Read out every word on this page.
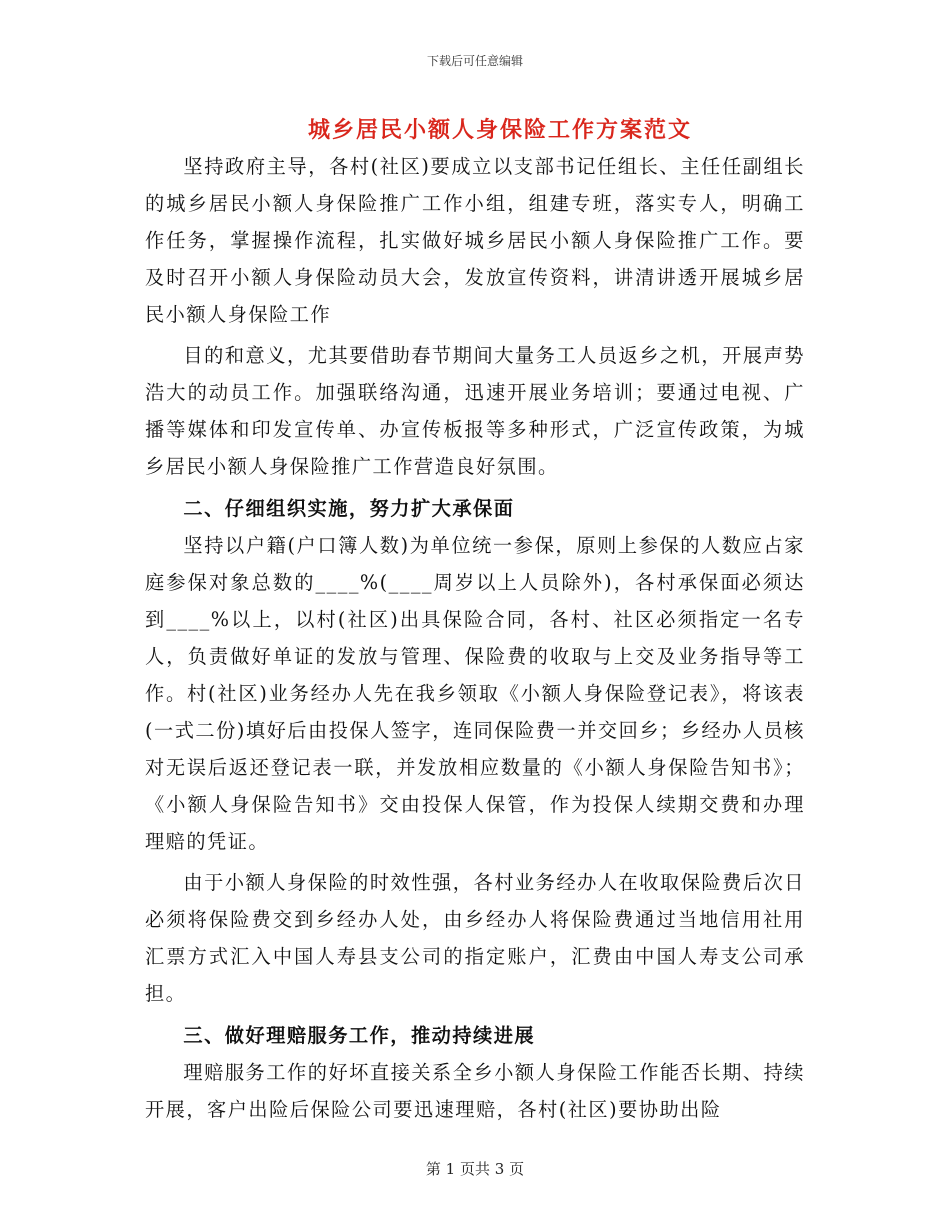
下载后可任意编辑
城乡居民小额人身保险工作方案范文

坚持政府主导，各村(社区)要成立以支部书记任组长、主任任副组长的城乡居民小额人身保险推广工作小组，组建专班，落实专人，明确工作任务，掌握操作流程，扎实做好城乡居民小额人身保险推广工作。要及时召开小额人身保险动员大会，发放宣传资料，讲清讲透开展城乡居民小额人身保险工作

目的和意义，尤其要借助春节期间大量务工人员返乡之机，开展声势浩大的动员工作。加强联络沟通，迅速开展业务培训；要通过电视、广播等媒体和印发宣传单、办宣传板报等多种形式，广泛宣传政策，为城乡居民小额人身保险推广工作营造良好氛围。

二、仔细组织实施，努力扩大承保面

坚持以户籍(户口簿人数)为单位统一参保，原则上参保的人数应占家庭参保对象总数的____%(____周岁以上人员除外)，各村承保面必须达到____%以上，以村(社区)出具保险合同，各村、社区必须指定一名专人，负责做好单证的发放与管理、保险费的收取与上交及业务指导等工作。村(社区)业务经办人先在我乡领取《小额人身保险登记表》，将该表(一式二份)填好后由投保人签字，连同保险费一并交回乡；乡经办人员核对无误后返还登记表一联，并发放相应数量的《小额人身保险告知书》；《小额人身保险告知书》交由投保人保管，作为投保人续期交费和办理理赔的凭证。

由于小额人身保险的时效性强，各村业务经办人在收取保险费后次日必须将保险费交到乡经办人处，由乡经办人将保险费通过当地信用社用汇票方式汇入中国人寿县支公司的指定账户，汇费由中国人寿支公司承担。

三、做好理赔服务工作，推动持续进展

理赔服务工作的好坏直接关系全乡小额人身保险工作能否长期、持续开展，客户出险后保险公司要迅速理赔，各村(社区)要协助出险

第 1 页共 3 页
